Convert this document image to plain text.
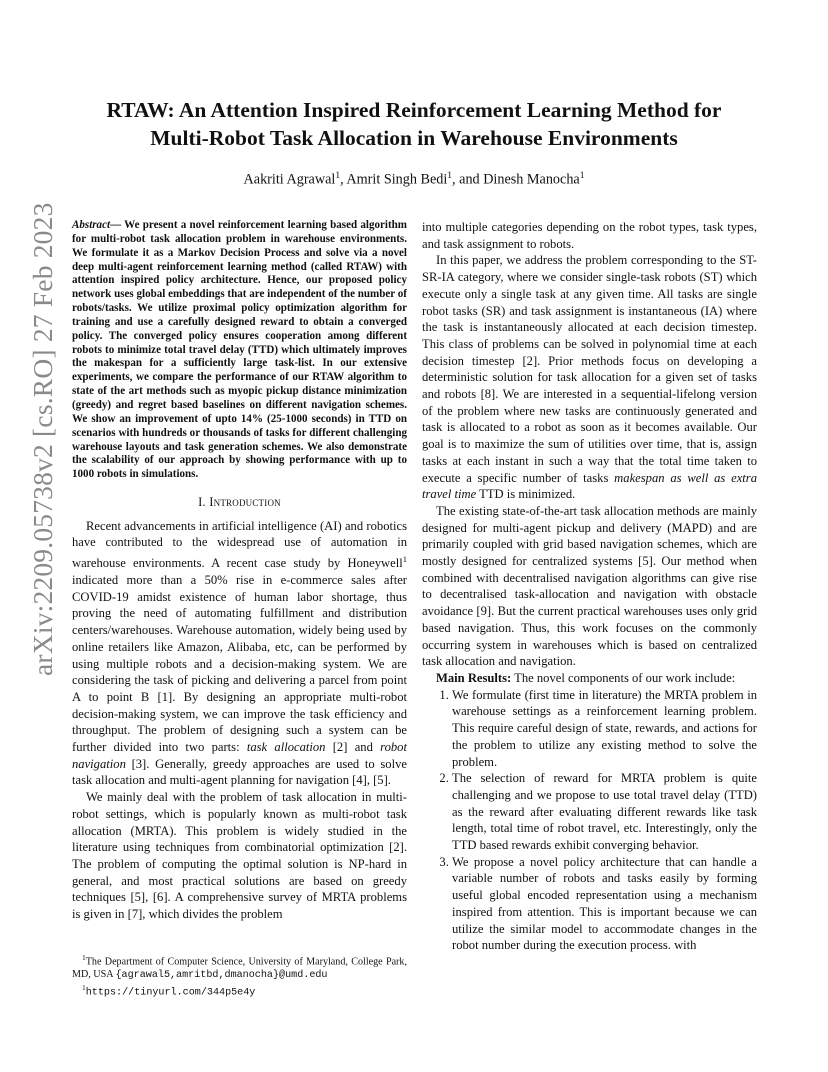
arXiv:2209.05738v2 [cs.RO] 27 Feb 2023
RTAW: An Attention Inspired Reinforcement Learning Method for
Multi-Robot Task Allocation in Warehouse Environments
Aakriti Agrawal$^1$, Amrit Singh Bedi$^1$, and Dinesh Manocha$^1$
Abstract— We present a novel reinforcement learning based algorithm for multi-robot task allocation problem in warehouse environments. We formulate it as a Markov Decision Process and solve via a novel deep multi-agent reinforcement learning method (called RTAW) with attention inspired policy architecture. Hence, our proposed policy network uses global embeddings that are independent of the number of robots/tasks. We utilize proximal policy optimization algorithm for training and use a carefully designed reward to obtain a converged policy. The converged policy ensures cooperation among different robots to minimize total travel delay (TTD) which ultimately improves the makespan for a sufficiently large task-list. In our extensive experiments, we compare the performance of our RTAW algorithm to state of the art methods such as myopic pickup distance minimization (greedy) and regret based baselines on different navigation schemes. We show an improvement of upto 14% (25-1000 seconds) in TTD on scenarios with hundreds or thousands of tasks for different challenging warehouse layouts and task generation schemes. We also demonstrate the scalability of our approach by showing performance with up to 1000 robots in simulations.
I. Introduction

Recent advancements in artificial intelligence (AI) and robotics have contributed to the widespread use of automation in warehouse environments. A recent case study by Honeywell$^1$ indicated more than a 50% rise in e-commerce sales after COVID-19 amidst existence of human labor shortage, thus proving the need of automating fulfillment and distribution centers/warehouses. Warehouse automation, widely being used by online retailers like Amazon, Alibaba, etc, can be performed by using multiple robots and a decision-making system. We are considering the task of picking and delivering a parcel from point A to point B [1]. By designing an appropriate multi-robot decision-making system, we can improve the task efficiency and throughput. The problem of designing such a system can be further divided into two parts: task allocation [2] and robot navigation [3]. Generally, greedy approaches are used to solve task allocation and multi-agent planning for navigation [4], [5].

We mainly deal with the problem of task allocation in multi-robot settings, which is popularly known as multi-robot task allocation (MRTA). This problem is widely studied in the literature using techniques from combinatorial optimization [2]. The problem of computing the optimal solution is NP-hard in general, and most practical solutions are based on greedy techniques [5], [6]. A comprehensive survey of MRTA problems is given in [7], which divides the problem

$^1$The Department of Computer Science, University of Maryland, College Park, MD, USA {agrawal5,amritbd,dmanocha}@umd.edu
$^1$https://tinyurl.com/344p5e4y

into multiple categories depending on the robot types, task types, and task assignment to robots.

In this paper, we address the problem corresponding to the ST-SR-IA category, where we consider single-task robots (ST) which execute only a single task at any given time. All tasks are single robot tasks (SR) and task assignment is instantaneous (IA) where the task is instantaneously allocated at each decision timestep. This class of problems can be solved in polynomial time at each decision timestep [2]. Prior methods focus on developing a deterministic solution for task allocation for a given set of tasks and robots [8]. We are interested in a sequential-lifelong version of the problem where new tasks are continuously generated and task is allocated to a robot as soon as it becomes available. Our goal is to maximize the sum of utilities over time, that is, assign tasks at each instant in such a way that the total time taken to execute a specific number of tasks makespan as well as extra travel time TTD is minimized.

The existing state-of-the-art task allocation methods are mainly designed for multi-agent pickup and delivery (MAPD) and are primarily coupled with grid based navigation schemes, which are mostly designed for centralized systems [5]. Our method when combined with decentralised navigation algorithms can give rise to decentralised task-allocation and navigation with obstacle avoidance [9]. But the current practical warehouses uses only grid based navigation. Thus, this work focuses on the commonly occurring system in warehouses which is based on centralized task allocation and navigation.

Main Results: The novel components of our work include:

1. We formulate (first time in literature) the MRTA problem in warehouse settings as a reinforcement learning problem. This require careful design of state, rewards, and actions for the problem to utilize any existing method to solve the problem.
2. The selection of reward for MRTA problem is quite challenging and we propose to use total travel delay (TTD) as the reward after evaluating different rewards like task length, total time of robot travel, etc. Interestingly, only the TTD based rewards exhibit converging behavior.
3. We propose a novel policy architecture that can handle a variable number of robots and tasks easily by forming useful global encoded representation using a mechanism inspired from attention. This is important because we can utilize the similar model to accommodate changes in the robot number during the execution process. with
